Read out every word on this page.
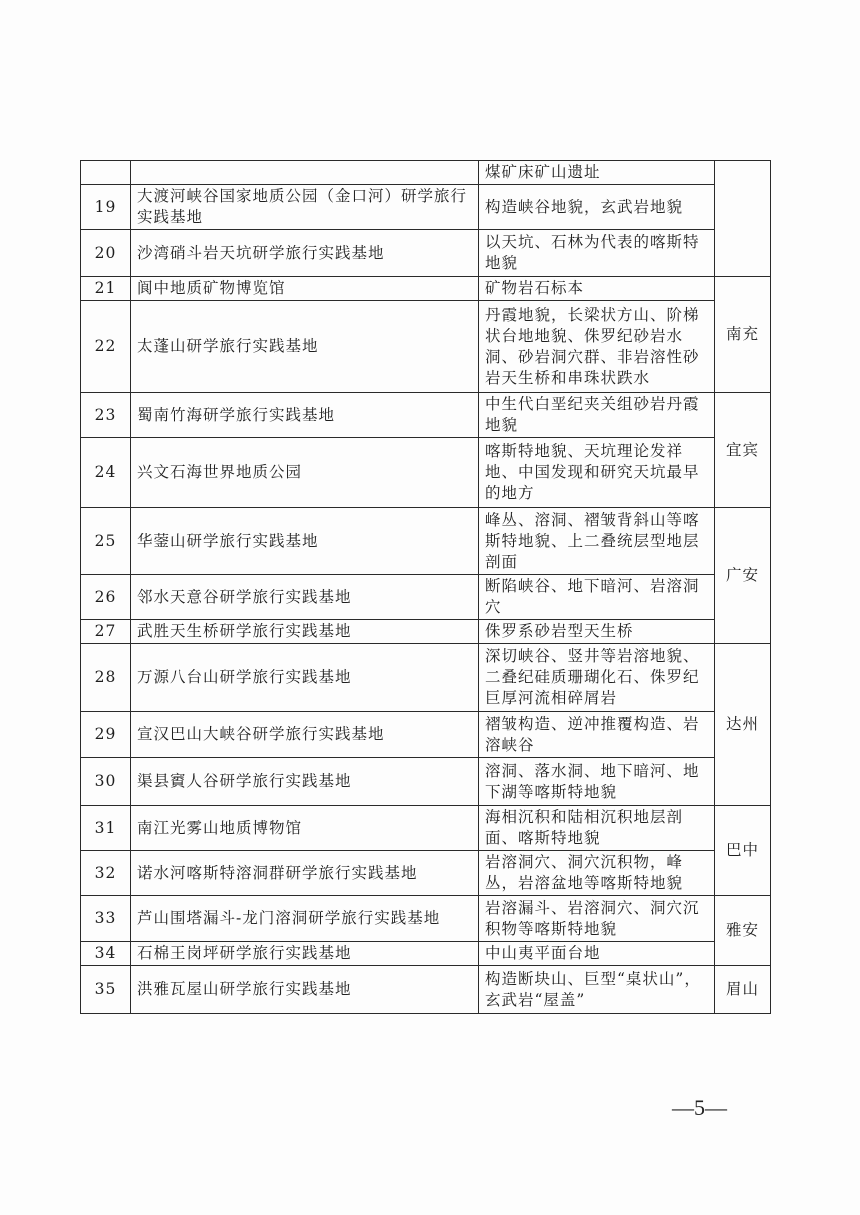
		煤矿床矿山遗址	
19	大渡河峡谷国家地质公园（金口河）研学旅行实践基地	构造峡谷地貌，玄武岩地貌	
20	沙湾硝斗岩天坑研学旅行实践基地	以天坑、石林为代表的喀斯特地貌	
21	阆中地质矿物博览馆	矿物岩石标本	南充
22	太蓬山研学旅行实践基地	丹霞地貌，长梁状方山、阶梯状台地地貌、侏罗纪砂岩水洞、砂岩洞穴群、非岩溶性砂岩天生桥和串珠状跌水	
23	蜀南竹海研学旅行实践基地	中生代白垩纪夹关组砂岩丹霞地貌	宜宾
24	兴文石海世界地质公园	喀斯特地貌、天坑理论发祥地、中国发现和研究天坑最早的地方	
25	华蓥山研学旅行实践基地	峰丛、溶洞、褶皱背斜山等喀斯特地貌、上二叠统层型地层剖面	广安
26	邻水天意谷研学旅行实践基地	断陷峡谷、地下暗河、岩溶洞穴	
27	武胜天生桥研学旅行实践基地	侏罗系砂岩型天生桥	
28	万源八台山研学旅行实践基地	深切峡谷、竖井等岩溶地貌、二叠纪硅质珊瑚化石、侏罗纪巨厚河流相碎屑岩	达州
29	宣汉巴山大峡谷研学旅行实践基地	褶皱构造、逆冲推覆构造、岩溶峡谷	
30	渠县賨人谷研学旅行实践基地	溶洞、落水洞、地下暗河、地下湖等喀斯特地貌	
31	南江光雾山地质博物馆	海相沉积和陆相沉积地层剖面、喀斯特地貌	巴中
32	诺水河喀斯特溶洞群研学旅行实践基地	岩溶洞穴、洞穴沉积物，峰丛，岩溶盆地等喀斯特地貌	
33	芦山围塔漏斗-龙门溶洞研学旅行实践基地	岩溶漏斗、岩溶洞穴、洞穴沉积物等喀斯特地貌	雅安
34	石棉王岗坪研学旅行实践基地	中山夷平面台地	
35	洪雅瓦屋山研学旅行实践基地	构造断块山、巨型“桌状山”，玄武岩“屋盖”	眉山
—5—
